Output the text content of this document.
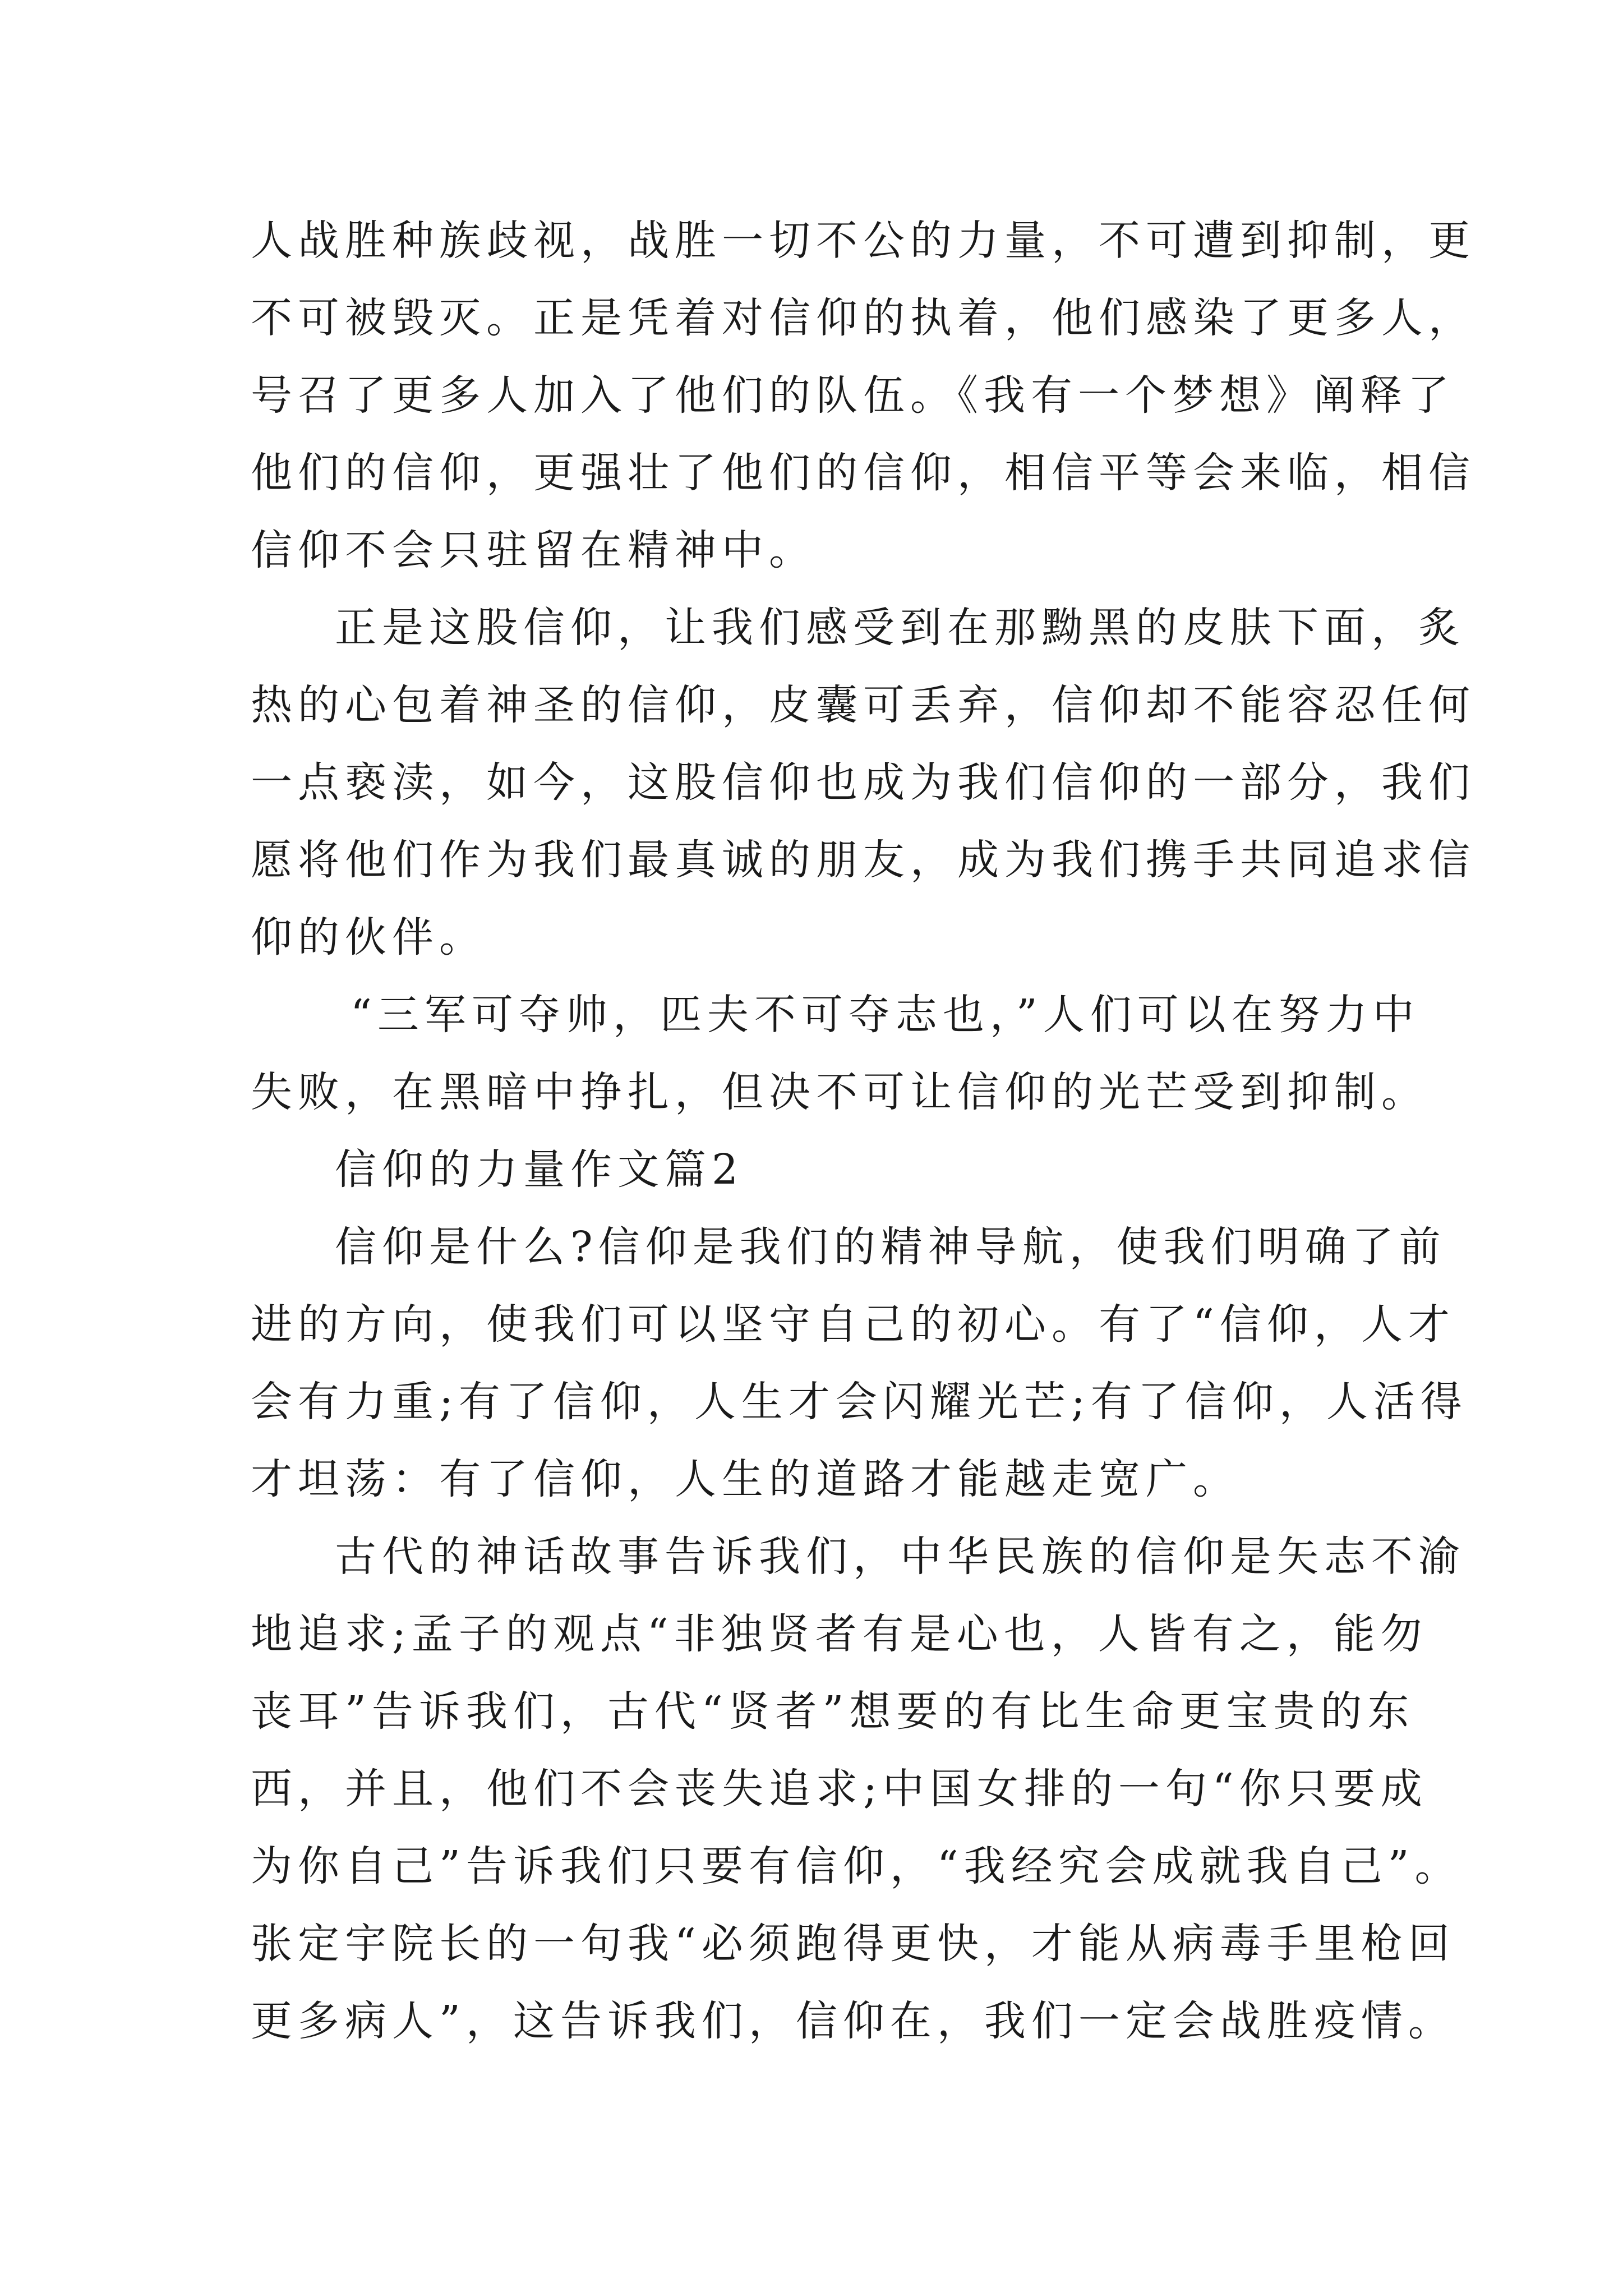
人战胜种族歧视，战胜一切不公的力量，不可遭到抑制，更
不可被毁灭。正是凭着对信仰的执着，他们感染了更多人，
号召了更多人加入了他们的队伍。《我有一个梦想》阐释了
他们的信仰，更强壮了他们的信仰，相信平等会来临，相信
信仰不会只驻留在精神中。
正是这股信仰，让我们感受到在那黝黑的皮肤下面，炙
热的心包着神圣的信仰，皮囊可丢弃，信仰却不能容忍任何
一点亵渎，如今，这股信仰也成为我们信仰的一部分，我们
愿将他们作为我们最真诚的朋友，成为我们携手共同追求信
仰的伙伴。
“三军可夺帅，匹夫不可夺志也，”人们可以在努力中
失败，在黑暗中挣扎，但决不可让信仰的光芒受到抑制。
信仰的力量作文篇2
信仰是什么?信仰是我们的精神导航，使我们明确了前
进的方向，使我们可以坚守自己的初心。有了“信仰，人才
会有力重;有了信仰，人生才会闪耀光芒;有了信仰，人活得
才坦荡：有了信仰，人生的道路才能越走宽广。
古代的神话故事告诉我们，中华民族的信仰是矢志不渝
地追求;孟子的观点“非独贤者有是心也，人皆有之，能勿
丧耳”告诉我们，古代“贤者”想要的有比生命更宝贵的东
西，并且，他们不会丧失追求;中国女排的一句“你只要成
为你自己”告诉我们只要有信仰，“我经究会成就我自己”。
张定宇院长的一句我“必须跑得更快，才能从病毒手里枪回
更多病人”，这告诉我们，信仰在，我们一定会战胜疫情。
